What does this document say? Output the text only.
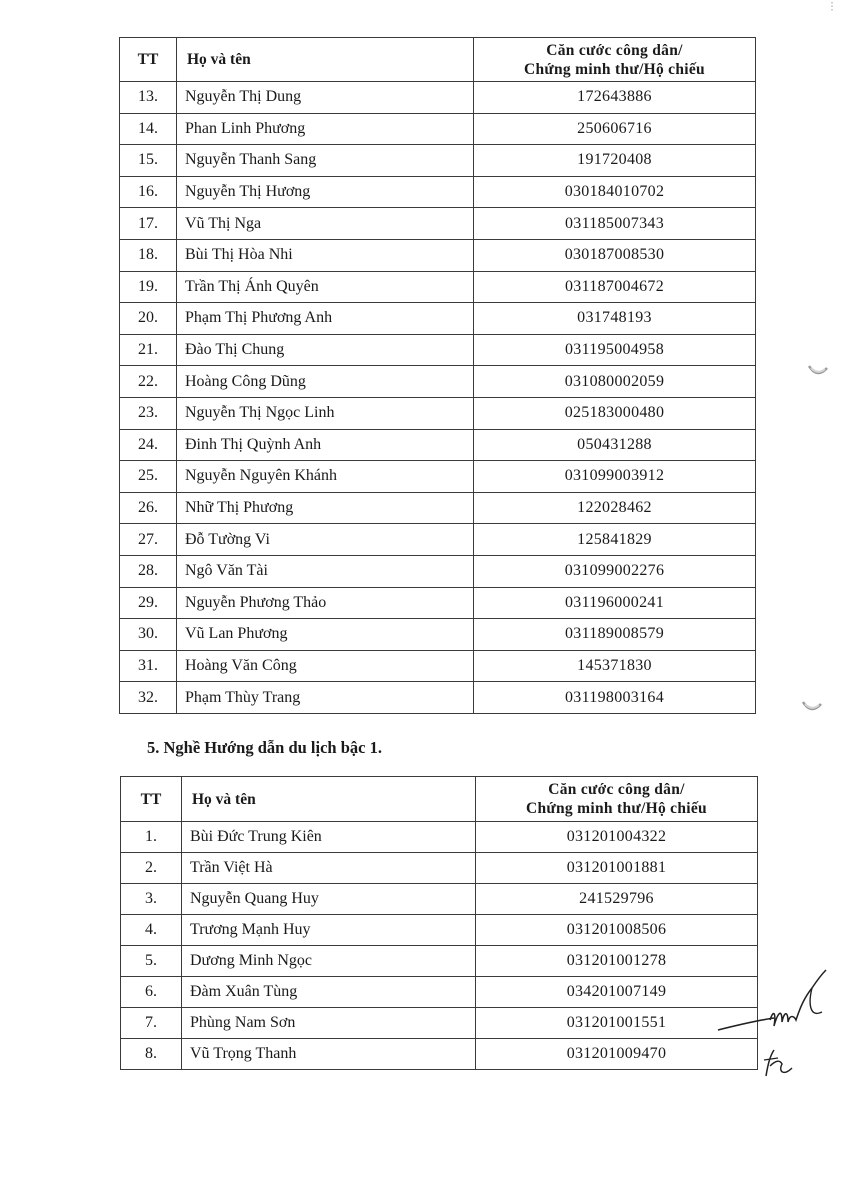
TT	Họ và tên	Căn cước công dân/
Chứng minh thư/Hộ chiếu

13.	Nguyễn Thị Dung	172643886
14.	Phan Linh Phương	250606716
15.	Nguyễn Thanh Sang	191720408
16.	Nguyễn Thị Hương	030184010702
17.	Vũ Thị Nga	031185007343
18.	Bùi Thị Hòa Nhi	030187008530
19.	Trần Thị Ánh Quyên	031187004672
20.	Phạm Thị Phương Anh	031748193
21.	Đào Thị Chung	031195004958
22.	Hoàng Công Dũng	031080002059
23.	Nguyễn Thị Ngọc Linh	025183000480
24.	Đinh Thị Quỳnh Anh	050431288
25.	Nguyễn Nguyên Khánh	031099003912
26.	Nhữ Thị Phương	122028462
27.	Đỗ Tường Vi	125841829
28.	Ngô Văn Tài	031099002276
29.	Nguyễn Phương Thảo	031196000241
30.	Vũ Lan Phương	031189008579
31.	Hoàng Văn Công	145371830
32.	Phạm Thùy Trang	031198003164
5. Nghề Hướng dẫn du lịch bậc 1.
TT	Họ và tên	Căn cước công dân/
Chứng minh thư/Hộ chiếu

1.	Bùi Đức Trung Kiên	031201004322
2.	Trần Việt Hà	031201001881
3.	Nguyễn Quang Huy	241529796
4.	Trương Mạnh Huy	031201008506
5.	Dương Minh Ngọc	031201001278
6.	Đàm Xuân Tùng	034201007149
7.	Phùng Nam Sơn	031201001551
8.	Vũ Trọng Thanh	031201009470
